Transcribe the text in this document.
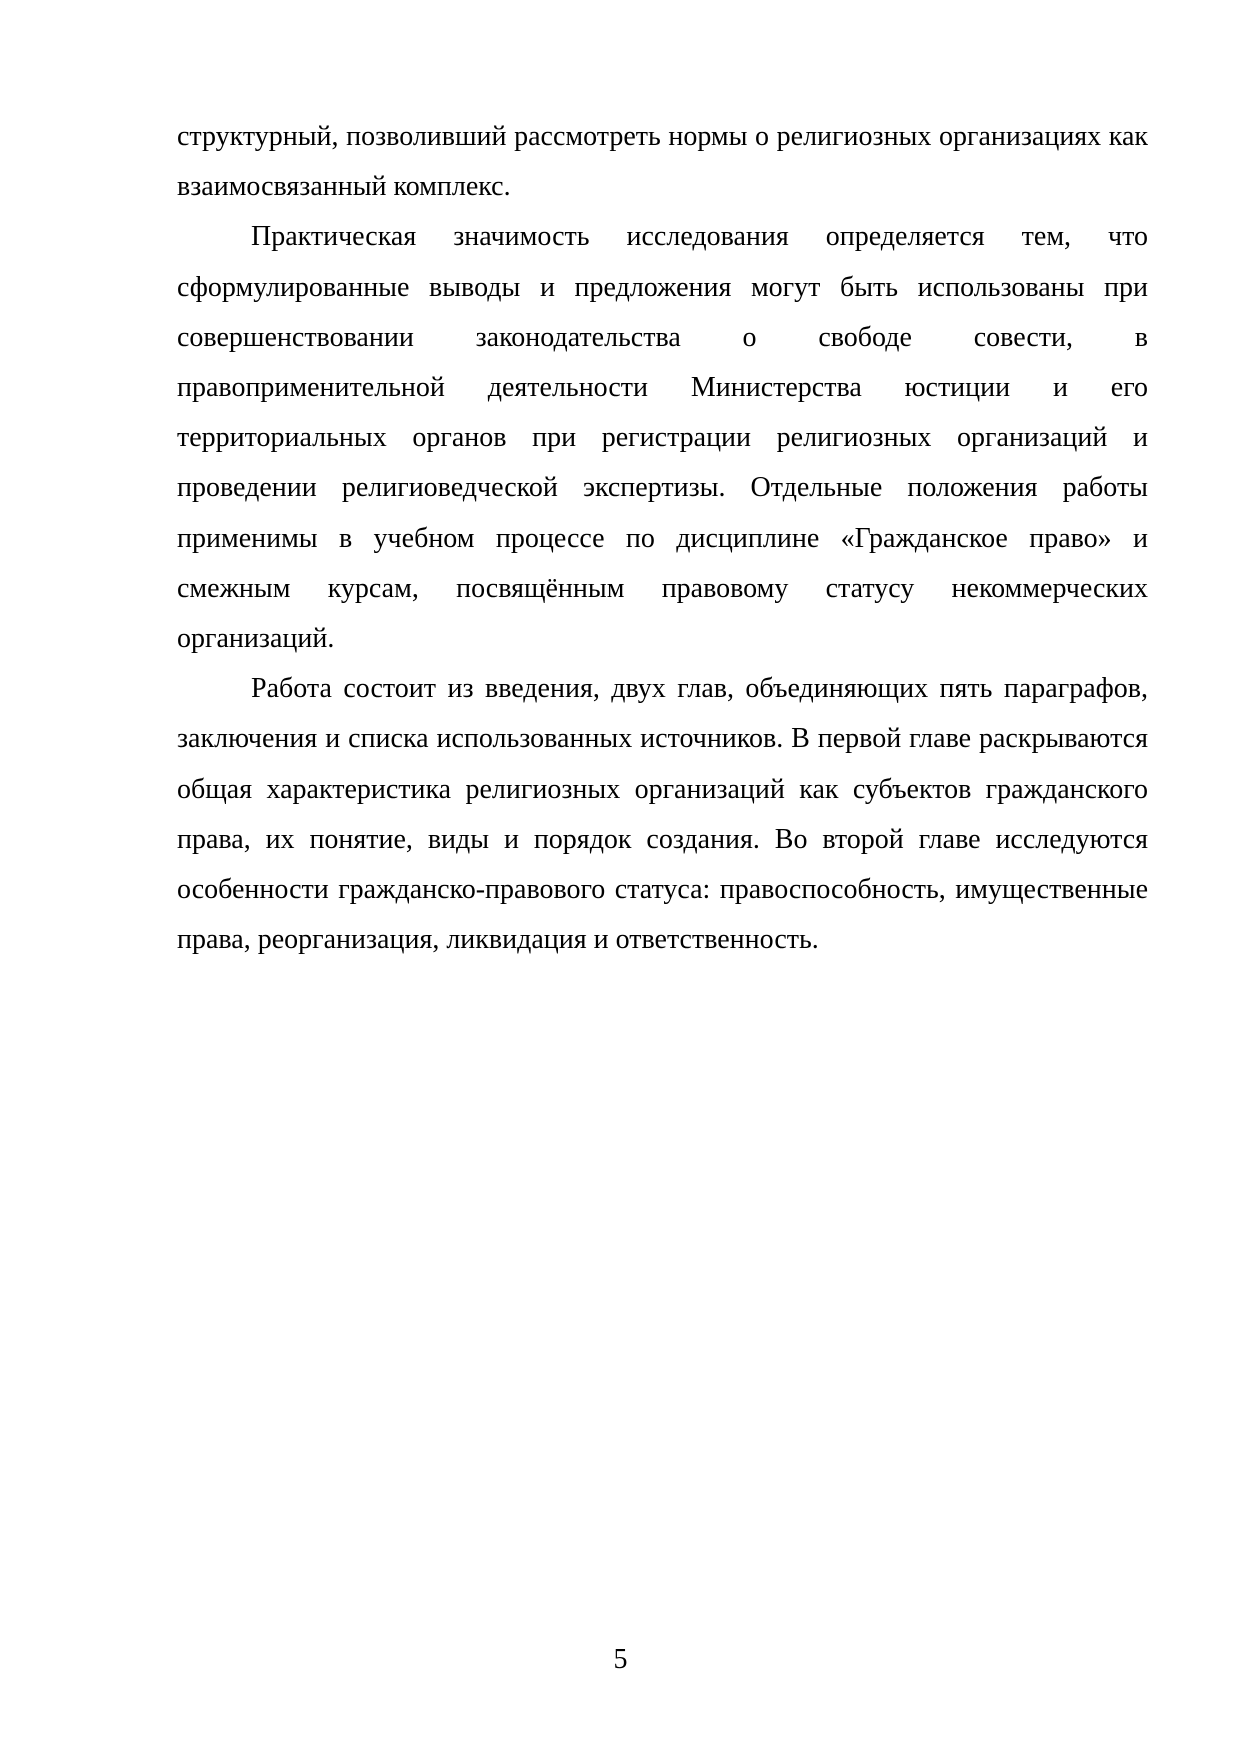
структурный, позволивший рассмотреть нормы о религиозных организациях как взаимосвязанный комплекс.

Практическая значимость исследования определяется тем, что сформулированные выводы и предложения могут быть использованы при совершенствовании законодательства о свободе совести, в правоприменительной деятельности Министерства юстиции и его территориальных органов при регистрации религиозных организаций и проведении религиоведческой экспертизы. Отдельные положения работы применимы в учебном процессе по дисциплине «Гражданское право» и смежным курсам, посвящённым правовому статусу некоммерческих организаций.

Работа состоит из введения, двух глав, объединяющих пять параграфов, заключения и списка использованных источников. В первой главе раскрываются общая характеристика религиозных организаций как субъектов гражданского права, их понятие, виды и порядок создания. Во второй главе исследуются особенности гражданско-правового статуса: правоспособность, имущественные права, реорганизация, ликвидация и ответственность.

5
